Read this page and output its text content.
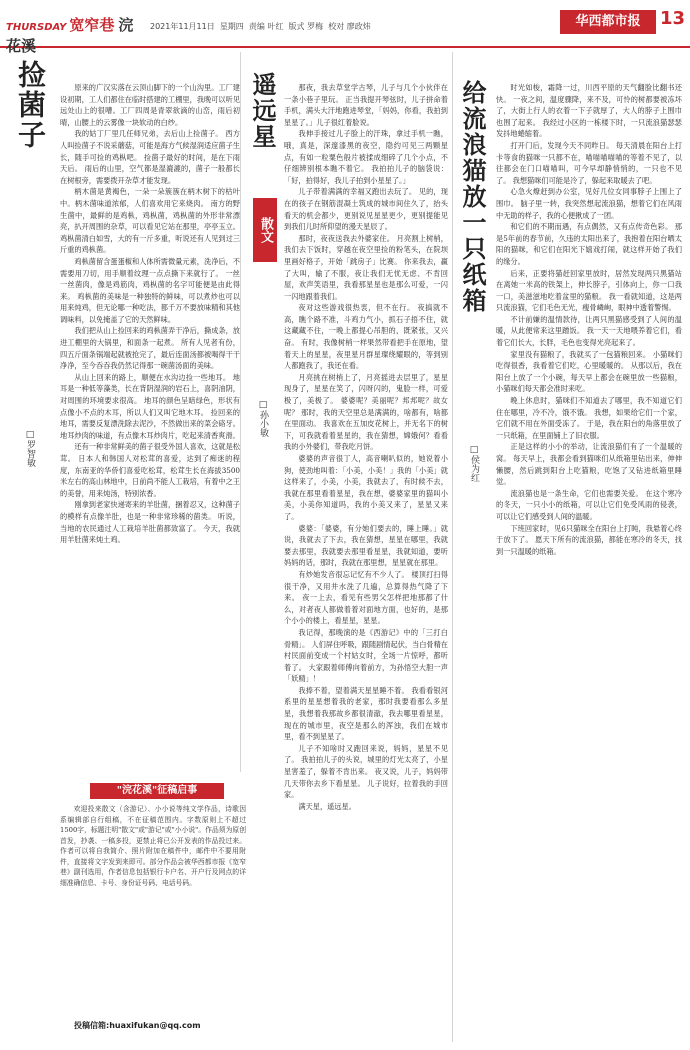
THURSDAY 宽窄巷 浣花溪
2021年11月11日 星期四 责编 叶红 版式 罗梅 校对 廖政炜	华西都市报	13
捡菌子
□罗智敏

原来的广汉实落在云顶山脚下的一个山沟里。工厂建设初期，工人们都住在临时搭建的工棚里，我晚可以听见远处山上的很嘈。工厂四周是青翠欲滴的山峦，雨后初晴，山腰上的云雾像一块软动的白纱。

我的姑丁厂里几任师兄弟，去后山上捡菌子。 西方人叫捡菌子不说采蘑菇，可能是海方气候湿润适应菌子生长，随手可捡的鸡枞吧。 捡菌子最好的时间，是在下雨天后。 雨后的山里，空气都是湿漉漉的，菌子一般都长在树根旁，需要拨开杂草才能发现。

柄木菌是黄褐色，一朵一朵簇簇在柄木树下的枯叶中。柄木菌味道浓郁，人们喜欢用它来烧肉。 南方的野生菌中，最鲜的是鸡枞，鸡枞菌，鸡枞菌的外形非常漂亮，扒开周围的杂草，可以看见它站在那里，亭亭玉立。 鸡枞菌清白如雪，大的有一斤多重，听说还有人见到过三斤重的鸡枞菌。

鸡枞菌留含蛋蛋椒和人体所需微量元素，洗净后，不需要用刀切，用手顺着纹理一点点撕下来就行了。 一丝一丝菌肉，像是鸡筋肉，鸡枞菌的名字可能便是由此得来。 鸡枞菌的美味是一种独特的鲜味，可以煮炒也可以用来炖鸡，但无论哪一种吃法，都千万不要放味精和其他调味料，以免掩盖了它的天然鲜味。

我们把从山上捡回来的鸡枞菌弄干净后，撕成条，放进工棚里的大锅里，和面条一起煮。 所有人见者有份，四五斤面条锅端起就被抢完了，最后连面汤都被喝得干干净净，至今吞吞我仍然记得那一碗菌汤面的美味。

从山上回来的路上，顺便在水沟边捡一些地耳。 地耳是一种低等藻类，长在背阴湿润的岩石上，喜阴油阴，对周围的环境要求很高。 地耳的颜色呈暗绿色，形状有点像小不点的木耳，所以人们又叫它地木耳。 捡回来的地耳，需要反复漂洗除去泥沙，不然做出来的菜会硌牙。 地耳炒肉的味道，有点像木耳炒肉片，吃起来清香爽滑。

还有一种非常鲜美的菌子很受外国人喜欢，这就是松茸。 日本人和韩国人对松茸的喜爱，达到了痴迷的程度，东南亚的华侨们喜爱吃松茸，松茸生长在海拔3500米左右的高山林地中，日前尚不能人工栽培，有着中之王的美誉，用来炖汤，特别浓香。

刚拿到老家快递寄来的羊肚菌，捆着忍又，这种菌子的模样有点像羊肚，也是一种非常珍稀的菌类。 听说，当地的农民通过人工栽培羊肚菌都致富了。 今天，我就用羊肚菌来炖土鸡。

遥远星
散文
□孙小敏

那夜，我去草堂学古琴，儿子与几个小伙伴在一条小巷子里玩。 正当我提开琴弦时，儿子拼命着手机，满头大汗地跑进琴堂，「妈妈，你看，我拍到星星了。」儿子很红着脸说。

我伸手接过儿子脸上的汗珠，拿过手机一瞧，哦，真是，深邃漆黑的夜空，隐约可见三两颗星点，有如一粒粟色般片被揉成细碎了几个小点，不仔细辨别根本瞧不着它。 我拍拍儿子的脑袋说：「好，拍得好，我儿子拍到小星星了。」

儿子带着满满的幸福又跑出去玩了。 见的，现在的孩子在钢筋混凝土筑成的城市间住久了，抬头看天的机会都少，更别说见星星更少，更别提能见到我们儿时所仰望的漫天星辰了。

那时，夜夜送我去外婆家住。 月亮割上树梢，我们去下饭时，穿越在夜空里捡的粉笔头，在院坝里画好格子，开始「跳房子」比赛。 你来我去，赢了大叫，输了不服，夜让我们无忧无虑、不肯回屋，欢声笑语里，我看那星星也是那么可爱，一闪一闪地跟着我们。

夜对这些游戏很热衷，但不在行。 夜搞就不高，瞧个路不准，斗鸡力气小，抓石子捂不住，就这藏藏不住，一晚上都提心吊胆的，既紧张，又兴奋。 有时，我像树梢一样果然带看把手在原地，望着天上的星星，夜里星月群星璨绕耀眼的，等到别人都跑我了，我还在看。

月亮挑在树梢上了，月亮摇进去层里了，星星现身了，星星在笑了，闪呀闪的，鬼脸一样，可爱极了，美极了。 婆婆呢？美丽呢？邦邦呢？故女呢？ 那时，我的天空里总是满满的，啥都有，啥都在里面动。 我喜欢在五加皮花树上，并无名下的树下，可我就看着星星的，我在猜想，嫦娥何？看看我的小外婆们，带我吃月饼。

婆婆的声音很丁人，高音喇叭似的，她说着小狗，使劲地叫着：「小美，小美！」我的「小美」就这样来了，小美，小美，我就去了，有时候不去，我就在那里看着星星，我在想，婆婆家里的猫叫小美，小美你知道吗，我的小美又来了，星星又来了。

婆婆：「婆婆，有分她们要去的，睡上睡。」就说，我就去了下去，我在猜想，星星在哪里，我就要去那里，我就要去那里看星星，我就知道，要听妈妈的话，那时，我就在那里想，星星就在那里。

有炒她发音很忘记忆有不少人了。 楼顶打扫得很干净，又用井水洗了几遍，总算得热气降了下来。 夜一上去，看见有些男父怎样把地那都了什么，对者夜人都做着着对面地方面，也好的，是那个小小的楼上，看星星，星星。

我记得，那晚演的是《西游记》中的「三打白骨精」。 人们屏住呼吸，跟随剧情起伏，当白骨精在村民面前变成一个村姑女时，全场一片惊呼，都听着了。 大家跟着师傅向着前方，为孙悟空大胆一声「妖精」！

我捧不着，望着满天星星睡不着。 我看看银河系里的星星想着我的老家，那时我要看那么多星星，我想着我那故乡都很清澈，我去哪里看星星，现在的城市里，夜空是那么的浑浊，我们在城市里，看不到星星了。

儿子不知啥时又跑回来说，妈妈，星星不见了。 我拍拍儿子的头说，城里的灯光太亮了，小星星害羞了，躲着不肯出来。 夜又说，儿子，妈妈带几天带你去乡下看星星。 儿子说好，拉着我的手回家。

满天星，遥远星。

给流浪猫放一只纸箱
□侯为红

时光如梭，霜降一过，川西平原的天气翻脸比翻书还快。 一夜之间，温度骤降，来不及，可怜的树都要被冻坏了，大街上行人的衣着一下子就厚了，大人的脖子上围巾也围了起来。 我经过小区的一栋楼下时，一只流浪猫瑟瑟发抖地蜷缩着。

打开门后，发现今天不同昨日。 每天清晨在阳台上打卡等食的猫咪一只都不在，喵喵喵喵喵的等着不见了，以往都会在门口喵喵叫，可今早却静悄悄的，一只也不见了。 我想猫咪们可能是冷了，躲起来取暖去了吧。

心急火燎赶到办公室，见好几位女同事脖子上围上了围巾。 脑子里一转，我突然想起流浪猫，想着它们在风雨中无助的样子，我的心便揪成了一团。

和它们的不期而遇，有点偶然，又有点传奇色彩。 那是5年前的春节前，久违的太阳出来了，我抱着在阳台晒太阳的猫咪，和它们在阳光下嬉戏打闹，就这样开始了我们的缘分。

后来，正要将猫赶回家里放时，居然发现两只黑猫站在离她一米高的铁架上，伸长脖子，引体向上，你一口我一口，美滋滋地吃着盆里的猫粮。 我一看就知道，这是两只流浪猫，它们毛色无光，瘦骨嶙峋，眼神中透着警惕。

不计前嫌的温情款待，让两只黑猫感受到了人间的温暖，从此便常来这里蹭饭。 我一天一天地喂养着它们，看着它们长大，长胖，毛色也变得光亮起来了。

家里没有猫粮了，我就买了一包猫粮回来。 小猫咪们吃得很香，我看着它们吃，心里暖暖的。 从那以后，我在阳台上放了一个小碗，每天早上都会在碗里放一些猫粮，小猫咪们每天都会准时来吃。

晚上休息时，猫咪们不知道去了哪里，我不知道它们住在哪里，冷不冷，饿不饿。 我想，如果给它们一个家，它们就不用在外面受冻了。 于是，我在阳台的角落里放了一只纸箱，在里面铺上了旧衣服。

正是这样的小小的举动，让流浪猫们有了一个温暖的窝。 每天早上，我都会看到猫咪们从纸箱里钻出来，伸伸懒腰，然后跳到阳台上吃猫粮，吃饱了又钻进纸箱里睡觉。

流浪猫也是一条生命，它们也需要关爱。 在这个寒冷的冬天，一只小小的纸箱，可以让它们免受风雨的侵袭，可以让它们感受到人间的温暖。

下班回家时，见6只猫咪全在阳台上打盹，我悬着心终于放下了。 愿天下所有的流浪猫，都能在寒冷的冬天，找到一只温暖的纸箱。

"浣花溪"征稿启事

欢迎投来散文（含游记）、小小说等纯文学作品，诗歌因系编辑部自行组稿，不在征稿范围内。字数原则上不超过1500字，标题注明"散文"或"游记"或"小小说"。作品须为原创首发，抄袭、一稿多投，更禁止将已公开发表的作品投过来。作者可以将自我简介、照片附加在稿件中，邮件中不要用附件，直接将文字发到来即可。部分作品会被华西都市报《宽窄巷》副刊选用，作者信息包括银行卡户名、开户行及网点的详细准确信息、卡号、身份证号码、电话号码。

投稿信箱:huaxifukan@qq.com
